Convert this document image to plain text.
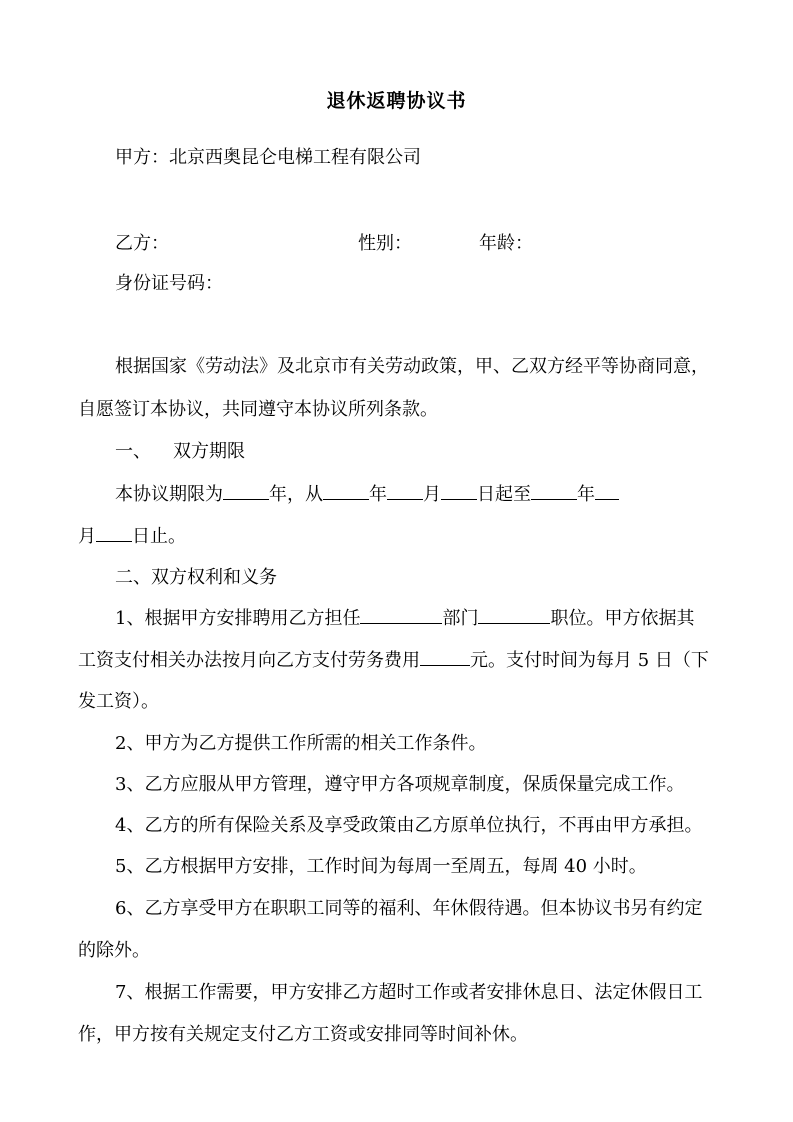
退休返聘协议书
甲方：北京西奥昆仑电梯工程有限公司
乙方：	性别：	年龄：
身份证号码：
根据国家《劳动法》及北京市有关劳动政策，甲、乙双方经平等协商同意，
自愿签订本协议，共同遵守本协议所列条款。
一、 双方期限
本协议期限为	年，从	年 月 日起至	年
月 日止。
二、双方权利和义务
1、根据甲方安排聘用乙方担任	部门	职位。甲方依据其
工资支付相关办法按月向乙方支付劳务费用	元。支付时间为每月 5 日（下
发工资）。
2、甲方为乙方提供工作所需的相关工作条件。
3、乙方应服从甲方管理，遵守甲方各项规章制度，保质保量完成工作。
4、乙方的所有保险关系及享受政策由乙方原单位执行，不再由甲方承担。
5、乙方根据甲方安排，工作时间为每周一至周五，每周 40 小时。
6、乙方享受甲方在职职工同等的福利、年休假待遇。但本协议书另有约定
的除外。
7、根据工作需要，甲方安排乙方超时工作或者安排休息日、法定休假日工
作，甲方按有关规定支付乙方工资或安排同等时间补休。
